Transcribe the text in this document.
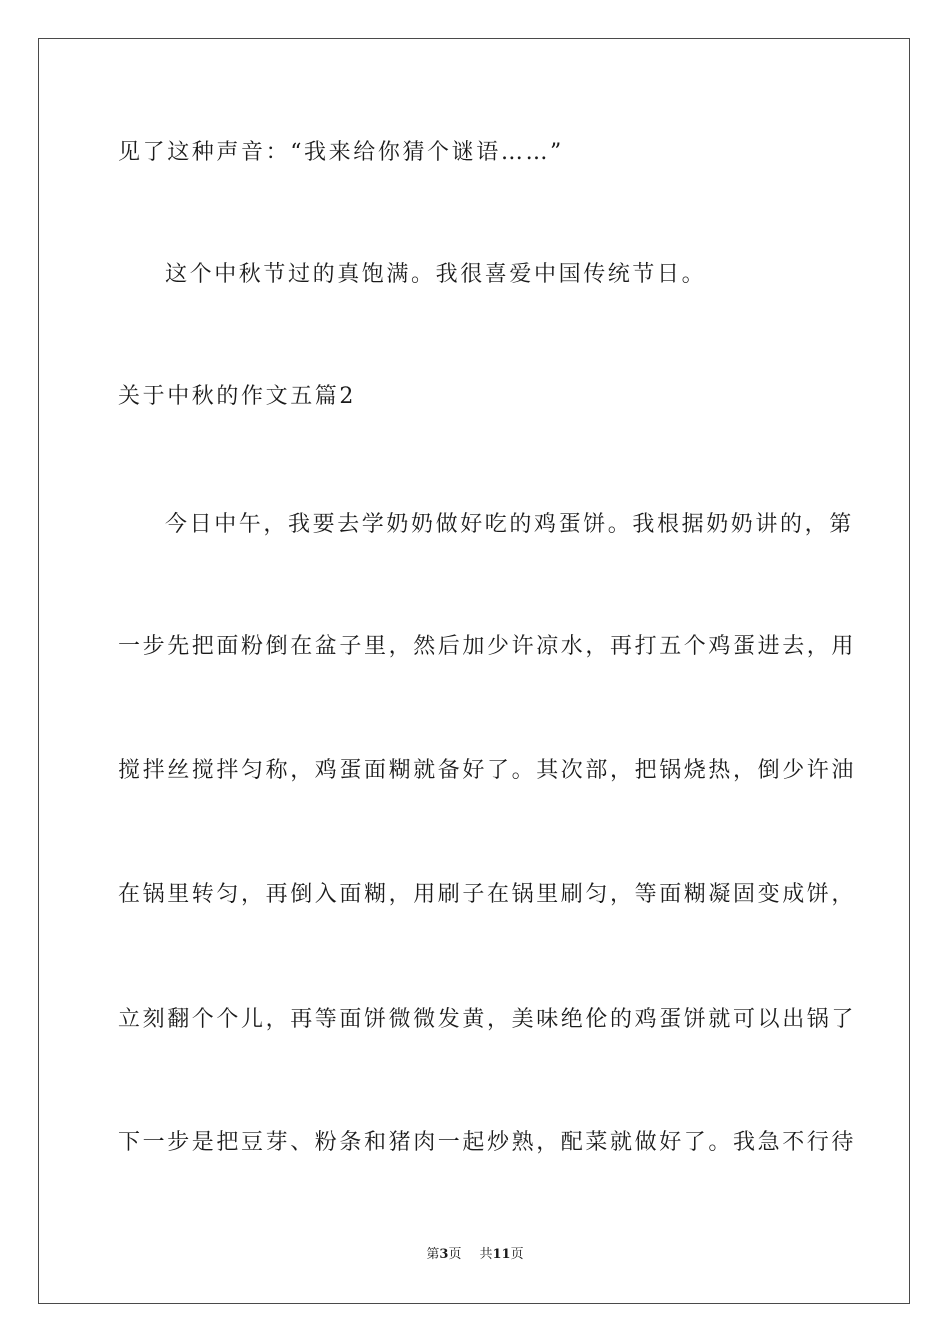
见了这种声音：“我来给你猜个谜语……”
这个中秋节过的真饱满。我很喜爱中国传统节日。
关于中秋的作文五篇2
今日中午，我要去学奶奶做好吃的鸡蛋饼。我根据奶奶讲的，第
一步先把面粉倒在盆子里，然后加少许凉水，再打五个鸡蛋进去，用
搅拌丝搅拌匀称，鸡蛋面糊就备好了。其次部，把锅烧热，倒少许油
在锅里转匀，再倒入面糊，用刷子在锅里刷匀，等面糊凝固变成饼，
立刻翻个个儿，再等面饼微微发黄，美味绝伦的鸡蛋饼就可以出锅了
下一步是把豆芽、粉条和猪肉一起炒熟，配菜就做好了。我急不行待
第3页 共11页
